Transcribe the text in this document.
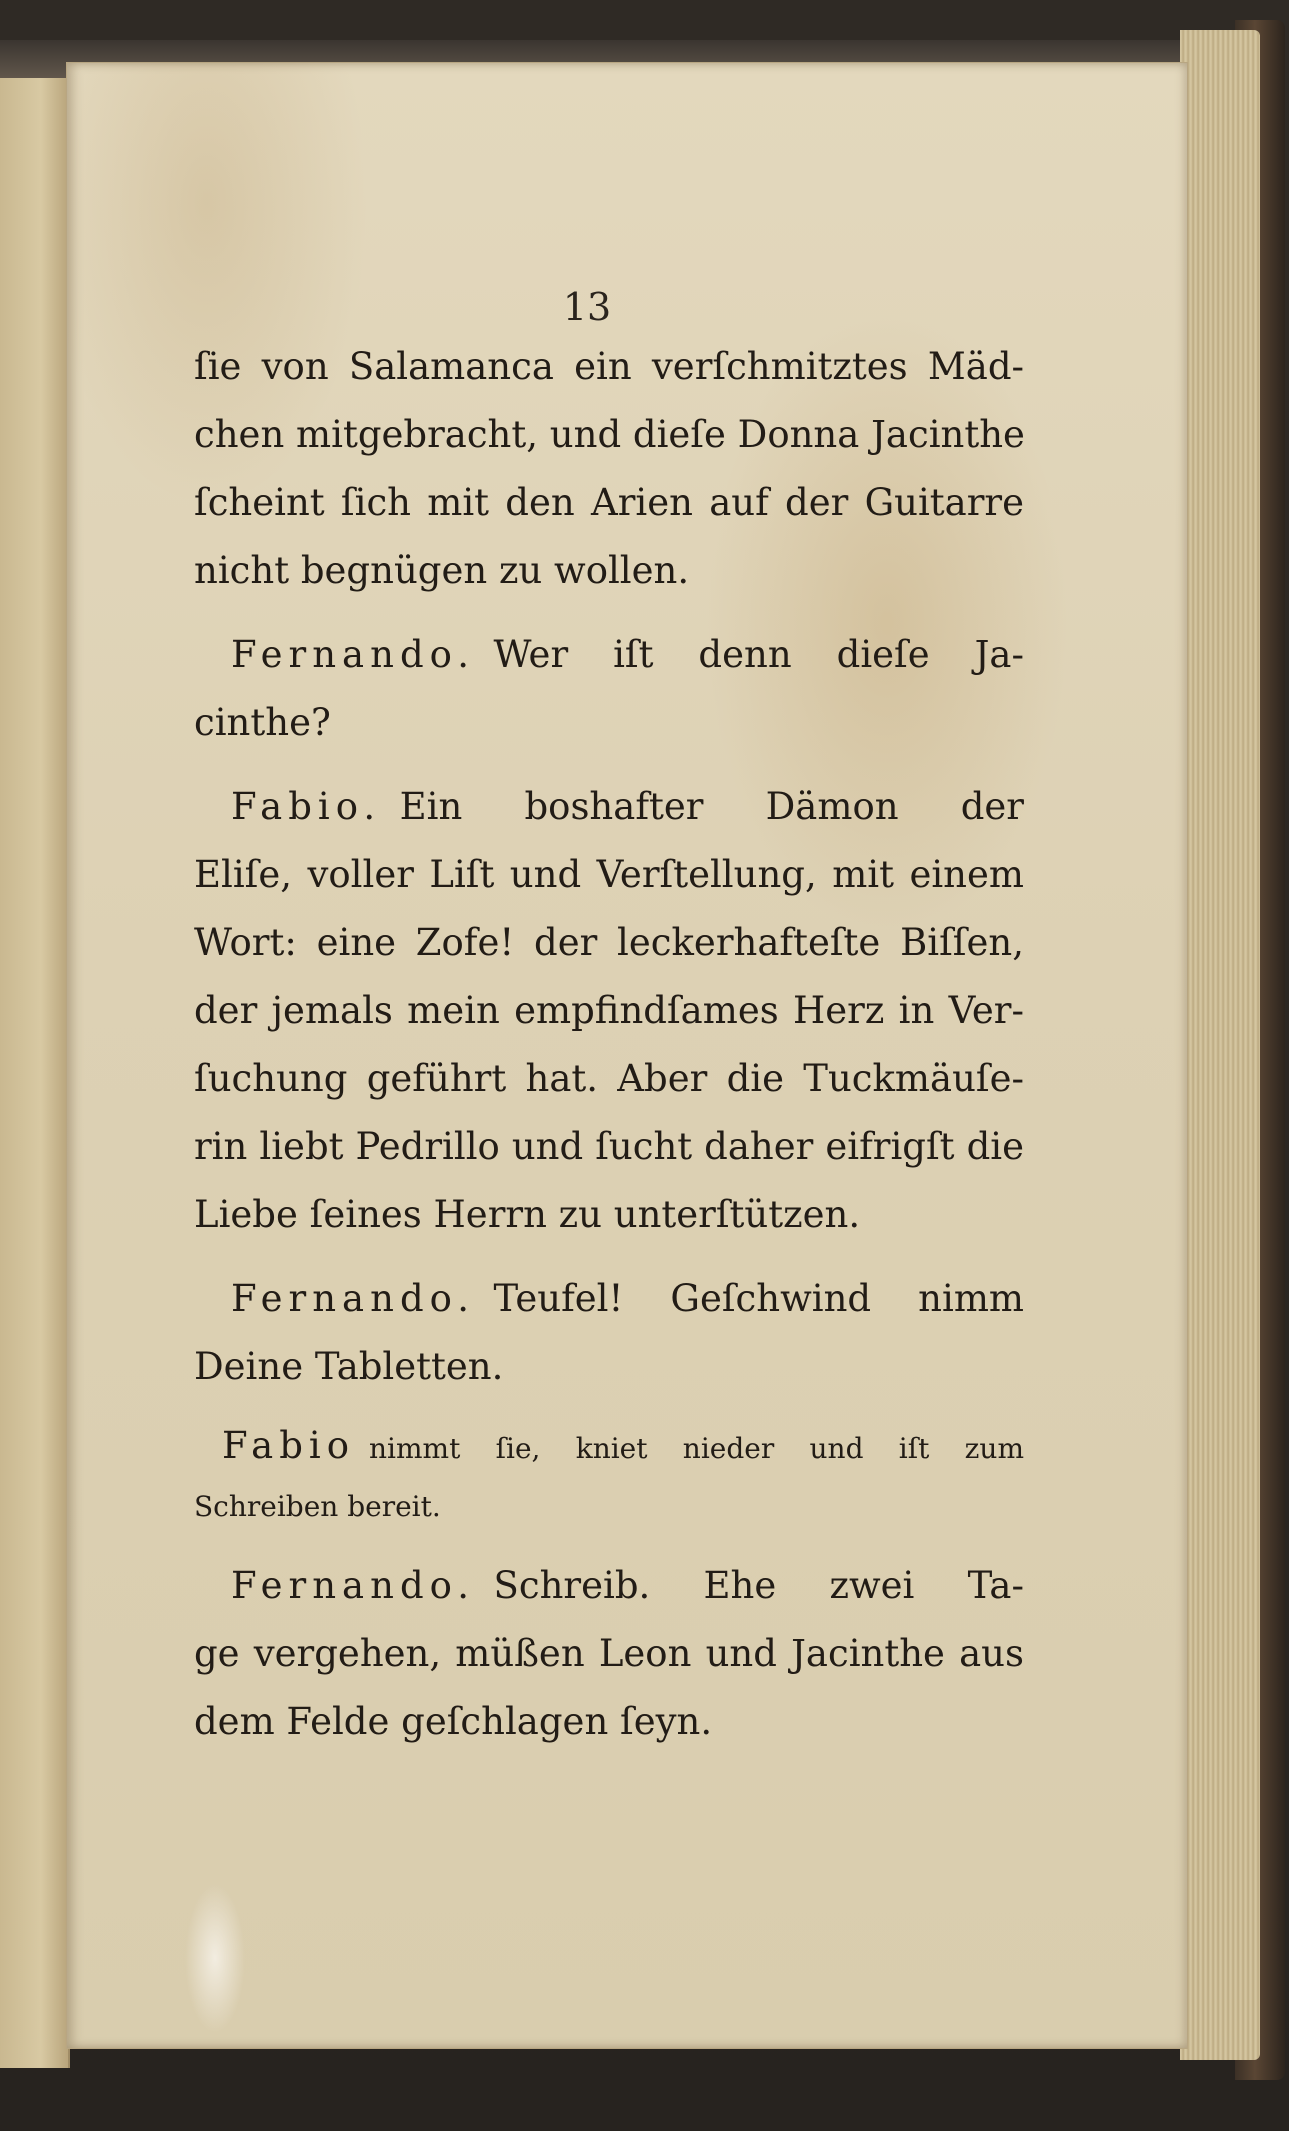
13

ſie von Salamanca ein verſchmitztes Mäd-
chen mitgebracht, und dieſe Donna Jacinthe
ſcheint ſich mit den Arien auf der Guitarre
nicht begnügen zu wollen.

 Fernando.  Wer iſt denn dieſe Ja-
cinthe?

 Fabio.  Ein boshafter Dämon der
Eliſe, voller Liſt und Verſtellung, mit einem
Wort: eine Zofe! der leckerhafteſte Biſſen,
der jemals mein empfindſames Herz in Ver-
ſuchung geführt hat. Aber die Tuckmäuſe-
rin liebt Pedrillo und ſucht daher eifrigſt die
Liebe ſeines Herrn zu unterſtützen.

 Fernando.  Teufel! Geſchwind nimm
Deine Tabletten.

 Fabio  nimmt ſie, kniet nieder und iſt zum
Schreiben bereit.

 Fernando.  Schreib. Ehe zwei Ta-
ge vergehen, müßen Leon und Jacinthe aus
dem Felde geſchlagen ſeyn.
